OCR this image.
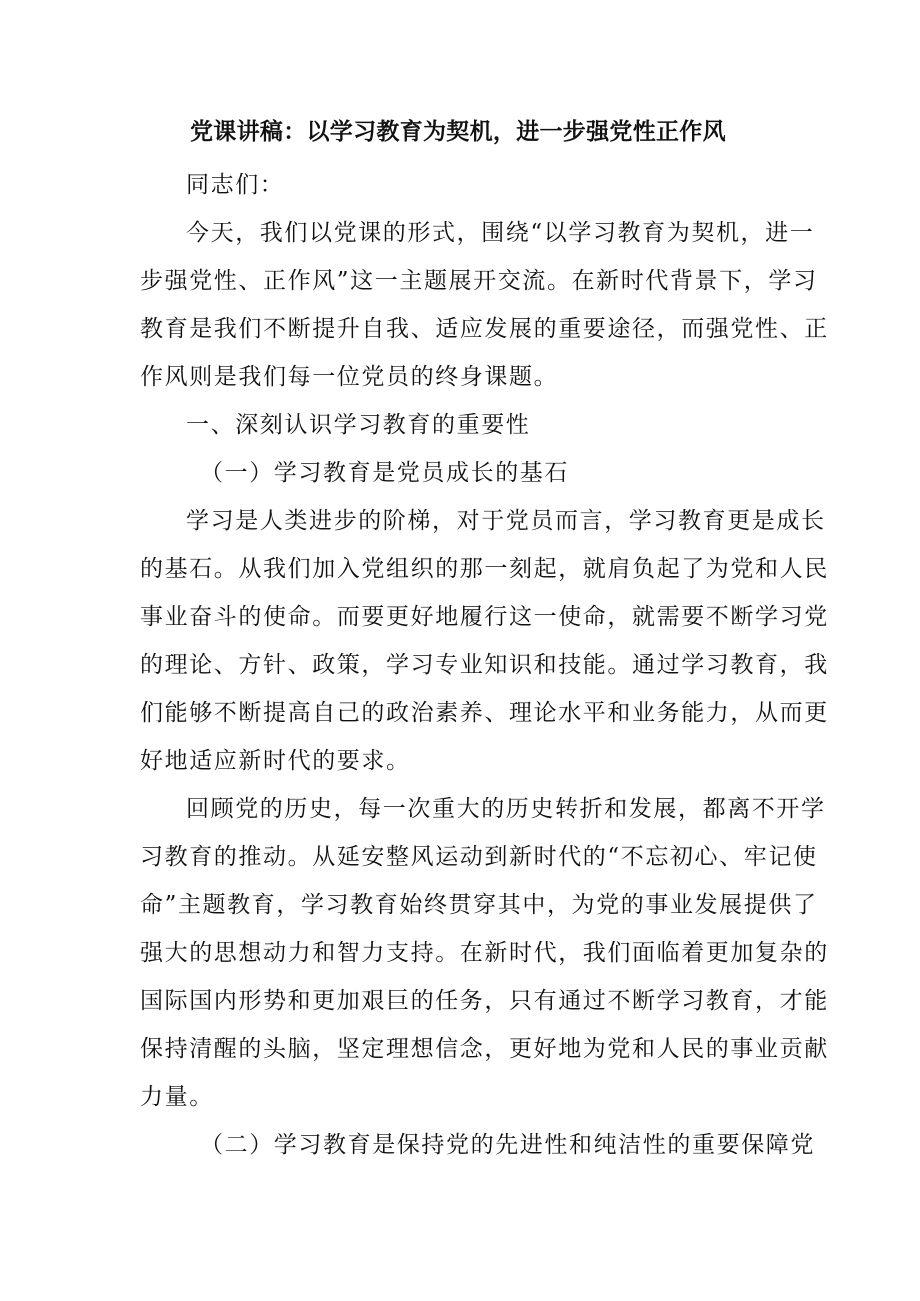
党课讲稿：以学习教育为契机，进一步强党性正作风
同志们：
今天，我们以党课的形式，围绕“以学习教育为契机，进一
步强党性、正作风”这一主题展开交流。在新时代背景下，学习
教育是我们不断提升自我、适应发展的重要途径，而强党性、正
作风则是我们每一位党员的终身课题。
一、深刻认识学习教育的重要性
（一）学习教育是党员成长的基石
学习是人类进步的阶梯，对于党员而言，学习教育更是成长
的基石。从我们加入党组织的那一刻起，就肩负起了为党和人民
事业奋斗的使命。而要更好地履行这一使命，就需要不断学习党
的理论、方针、政策，学习专业知识和技能。通过学习教育，我
们能够不断提高自己的政治素养、理论水平和业务能力，从而更
好地适应新时代的要求。
回顾党的历史，每一次重大的历史转折和发展，都离不开学
习教育的推动。从延安整风运动到新时代的“不忘初心、牢记使
命”主题教育，学习教育始终贯穿其中，为党的事业发展提供了
强大的思想动力和智力支持。在新时代，我们面临着更加复杂的
国际国内形势和更加艰巨的任务，只有通过不断学习教育，才能
保持清醒的头脑，坚定理想信念，更好地为党和人民的事业贡献
力量。
（二）学习教育是保持党的先进性和纯洁性的重要保障党
